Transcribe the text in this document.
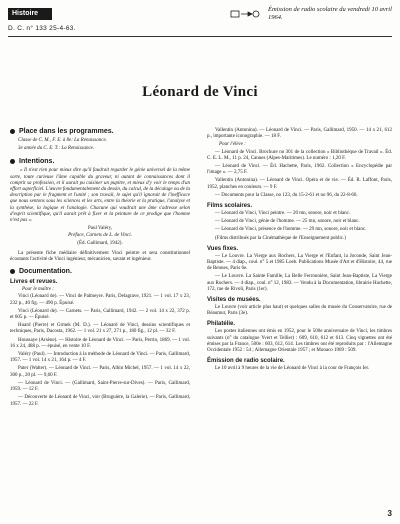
Histoire
D. C. n° 133 25-4-63.
Émission de radio scolaire du vendredi 10 avril 1964.
Léonard de Vinci
Place dans les programmes.

Classe de C. M., F. E. à 8e: La Renaissance.

3e année du C. E. T.: La Renaissance.

Intentions.

« Il n'est rien pour mieux dire qu'il faudrait regarder le génie universel de la même sorte, toute curieuse l'âme capable du graveur, ni autant de connaissances dont il comprit sa profession, et il aurait pu cuisiner un pupitre, et mieux d'y voir le temps d'un effort superficiel. L'œuvre fondamentalement du dessin, du calcul, de la décalage ou de la description par le fragment et l'unité ; son travail, le sujet qu'il ignorait de l'inefficace que nous sentons sous les sciences et les arts, entre la théorie et la pratique, l'analyse et la synthèse, la logique et l'analogie. Chacune qui voudrait une âme s'adresse selon d'esprit scientifique, qu'il aurait prêt à fixer et la peinture de ce prodige que l'homme n'est pas ».

Paul Valéry,

Préface, Carnets de L. de Vinci.

(Éd. Gallimard, 1942).

La présente fiche médiaire définitivement Vinci peintre et sera constitutionnel écoutants l'activité de Vinci ingénieur, mécanicien, savant et ingénieur.

Documentation.
Livres et revues.
Pour le maître :

Vinci (Léonard de). — Vinci de Palmeyre. Paris, Delagrave, 1921. — 1 vol. 17 x 23, 232 p., 40 fig. — 490 p. Épuisé.

Vinci (Léonard de). — Carnets. — Paris, Gallimard, 1942. — 2 vol. 14 x 22, 372 p. et 605 p. — Épuisé.

Huard (Pierre) et Grmek (M. D.). — Léonard de Vinci, dessins scientifiques et techniques, Paris, Dacosta, 1962. — 1 vol. 21 x 27, 271 p., 180 fig., 12 pl. — 32 F.

Houssaye (Arsène). — Histoire de Léonard de Vinci. — Paris, Perrin, 1869. — 1 vol. 16 x 24, 488 p. — épuisé, en vente 10 F.

Valéry (Paul). — Introduction à la méthode de Léonard de Vinci. — Paris, Gallimard, 1957. — 1 vol. 14 x 21, 164 p. — 4 F.

Pater (Walter). — Léonard de Vinci. — Paris, Albin Michel, 1957. — 1 vol. 14 x 22, 300 p., 20 pl. — 9,60 F.

— Léonard de Vinci. — (Gallimard, Saint-Pierre-sur-Dives). — Paris, Gallimard, 1959. — 12 F.

— Découverte de Léonard de Vinci, voir (Bruguière, la Galerie). — Paris, Gallimard, 1957. — 22 F.

Vallentin (Antonina). — Léonard de Vinci. — Paris, Gallimard, 1950. — 14 x 21, 612 p., importante iconographie. — 18 F.

Pour l'élève :

— Léonard de Vinci. Brochure no 301 de la collection « Bibliothèque de Travail ». Éd. C. E. L. M., 11 p. 24, Cannes (Alpes-Maritimes). Le numéro : 1,20 F.

— Léonard de Vinci. — Éd. Hachette, Paris, 1962. Collection « Encyclopédie par l'image ». — 2,75 F.

Vallentin (Antonina). — Léonard de Vinci. Opéra et de vie. — Éd. R. Laffont, Paris, 1952, planches en couleurs. — 9 F.

— Documents pour la Classe, no 123, du 15-2-61 et no 96, du 22-8-60.

Films scolaires.

— Léonard de Vinci, Vinci peintre. — 20 mn, sonore, noir et blanc.

— Léonard de Vinci, génie de l'homme. — 25 mn, sonore, noir et blanc.

— Léonard de Vinci, présence de l'homme. — 29 mn, sonore, noir et blanc.

(Films distribués par la Cinémathèque de l'Enseignement public.)

Vues fixes.

— Le Louvre. La Vierge aux Rochers, La Vierge et l'Enfant, la Joconde, Saint Jean-Baptiste. — 4 diap., coul. n° 5 et 1985 Loeb. Publications Musée d'Art et d'Histoire, 44, rue de Rennes, Paris 6e.

— Le Louvre. La Sainte Famille, La Belle Ferronnière, Saint Jean-Baptiste, La Vierge aux Rochers. — 4 diap., coul. n° 12, 1983. — Vendu à la Documentation, librairie Hachette, 172, rue de Rivoli, Paris (1er).

Visites de musées.

Le Louvre (voir article plus haut) et quelques salles du musée du Conservatoire, rue de Réaumur, Paris (3e).

Philatélie.

Les postes italiennes ont émis en 1952, pour le 500e anniversaire de Vinci, les timbres suivants (n° du catalogue Yvert et Tellier) : 609, 610, 612 et 613. Cinq vignettes ont été émises par la France, 500e : 603, 612, 614. Les timbres ont été reproduits par : l'Allemagne Occidentale 1952 : 54 ; Allemagne Orientale 1957 ; et Monaco 1969 : 509.

Émission de radio scolaire.

Le 10 avril à 9 heures de la vie de Léonard de Vinci à la cour de François Ier.

3
